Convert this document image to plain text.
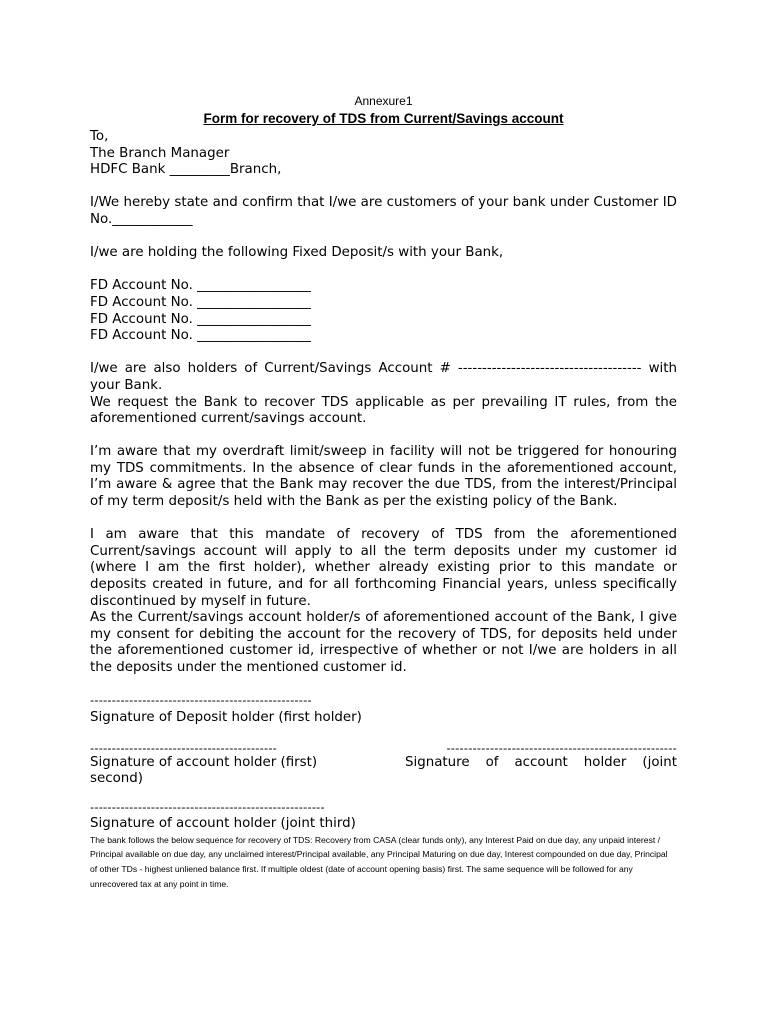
Annexure1

Form for recovery of TDS from Current/Savings account

To,

The Branch Manager

HDFC Bank _________Branch,

I/We hereby state and confirm that I/we are customers of your bank under Customer ID No.____________

I/we are holding the following Fixed Deposit/s with your Bank,

FD Account No. _________________

FD Account No. _________________

FD Account No. _________________

FD Account No. _________________

I/we are also holders of Current/Savings Account # -------------------------------------- with your Bank.

We request the Bank to recover TDS applicable as per prevailing IT rules, from the aforementioned current/savings account.

I’m aware that my overdraft limit/sweep in facility will not be triggered for honouring my TDS commitments. In the absence of clear funds in the aforementioned account, I’m aware & agree that the Bank may recover the due TDS, from the interest/Principal of my term deposit/s held with the Bank as per the existing policy of the Bank.

I am aware that this mandate of recovery of TDS from the aforementioned Current/savings account will apply to all the term deposits under my customer id (where I am the first holder), whether already existing prior to this mandate or deposits created in future, and for all forthcoming Financial years, unless specifically discontinued by myself in future.

As the Current/savings account holder/s of aforementioned account of the Bank, I give my consent for debiting the account for the recovery of TDS, for deposits held under the aforementioned customer id, irrespective of whether or not I/we are holders in all the deposits under the mentioned customer id.

---------------------------------------------------

Signature of Deposit holder (first holder)

-------------------------------------------	-----------------------------------------------------

Signature of account holder (first)	Signature of account holder (joint

second)

------------------------------------------------------

Signature of account holder (joint third)

The bank follows the below sequence for recovery of TDS: Recovery from CASA (clear funds only), any Interest Paid on due day, any unpaid interest / Principal available on due day, any unclaimed interest/Principal available, any Principal Maturing on due day, Interest compounded on due day, Principal of other TDs - highest unliened balance first. If multiple oldest (date of account opening basis) first. The same sequence will be followed for any unrecovered tax at any point in time.
